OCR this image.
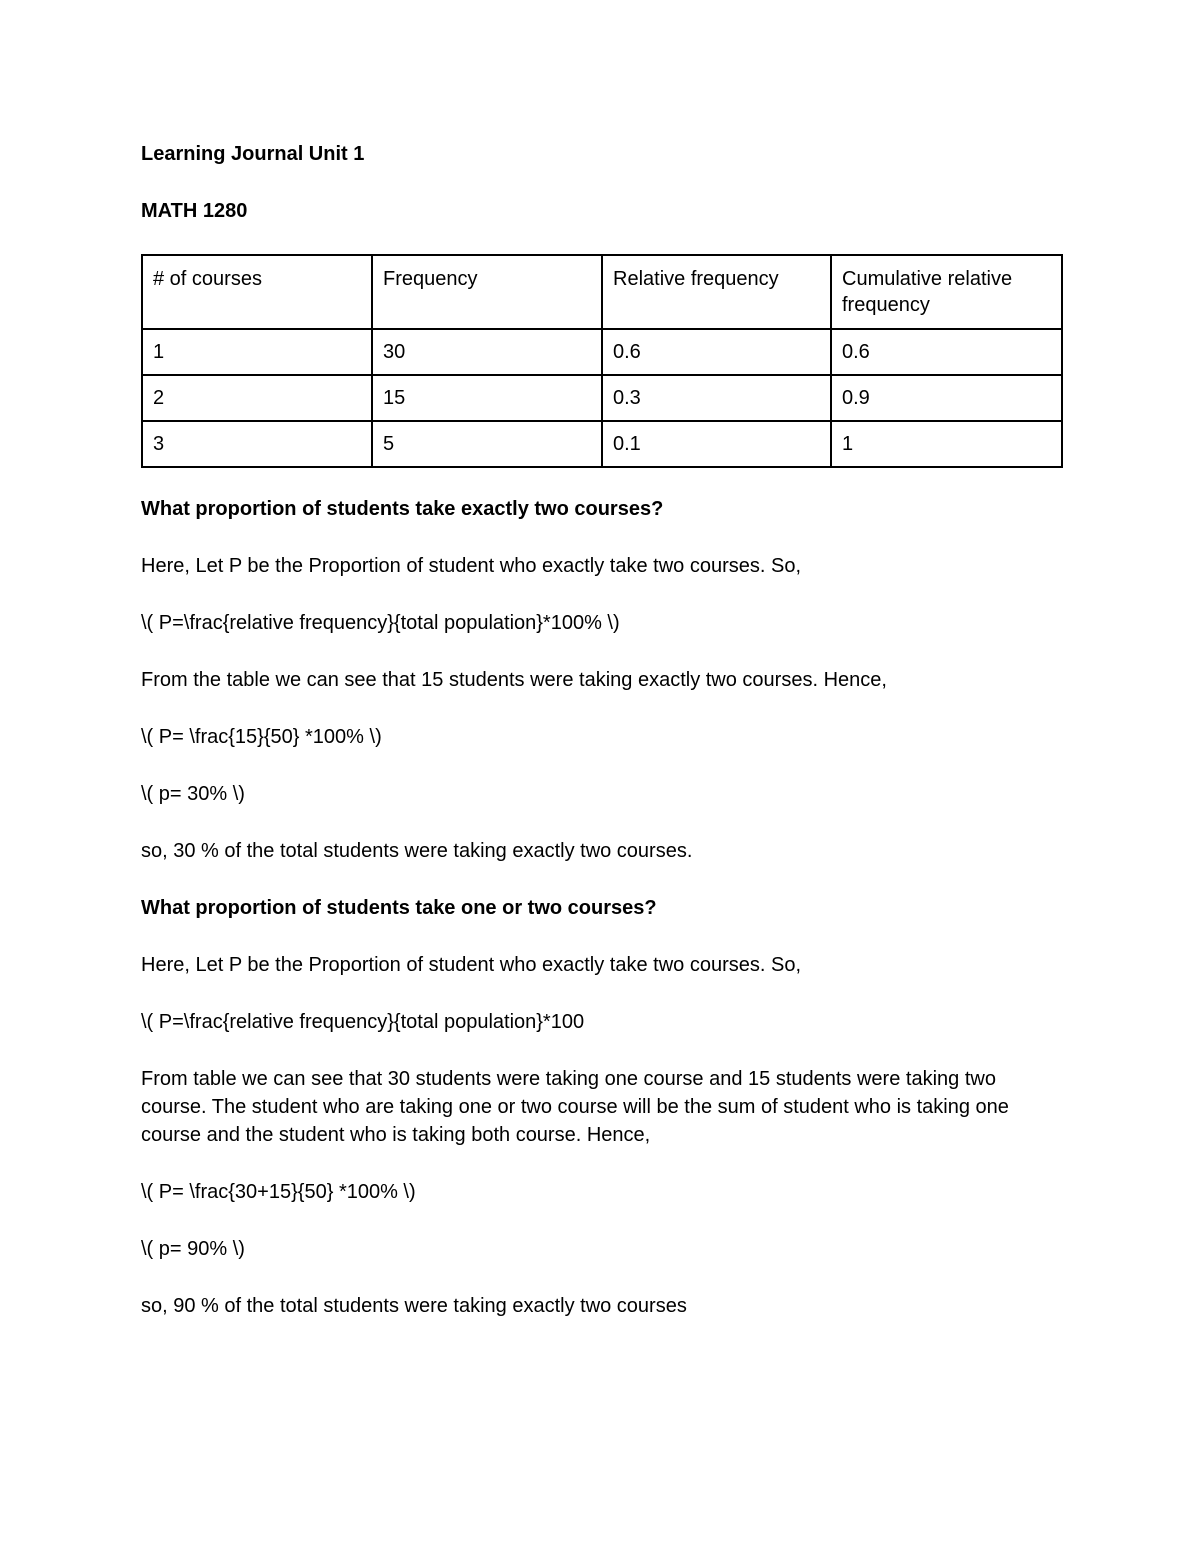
Learning Journal Unit 1

MATH 1280

# of courses	Frequency	Relative frequency	Cumulative relative frequency
1	30	0.6	0.6
2	15	0.3	0.9
3	5	0.1	1

What proportion of students take exactly two courses?

Here, Let P be the Proportion of student who exactly take two courses. So,

\( P=\frac{relative frequency}{total population}*100% \)

From the table we can see that 15 students were taking exactly two courses. Hence,

\( P= \frac{15}{50} *100% \)

\( p= 30% \)

so, 30 % of the total students were taking exactly two courses.

What proportion of students take one or two courses?

Here, Let P be the Proportion of student who exactly take two courses. So,

\( P=\frac{relative frequency}{total population}*100

From table we can see that 30 students were taking one course and 15 students were taking two course. The student who are taking one or two course will be the sum of student who is taking one course and the student who is taking both course. Hence,

\( P= \frac{30+15}{50} *100% \)

\( p= 90% \)

so, 90 % of the total students were taking exactly two courses
